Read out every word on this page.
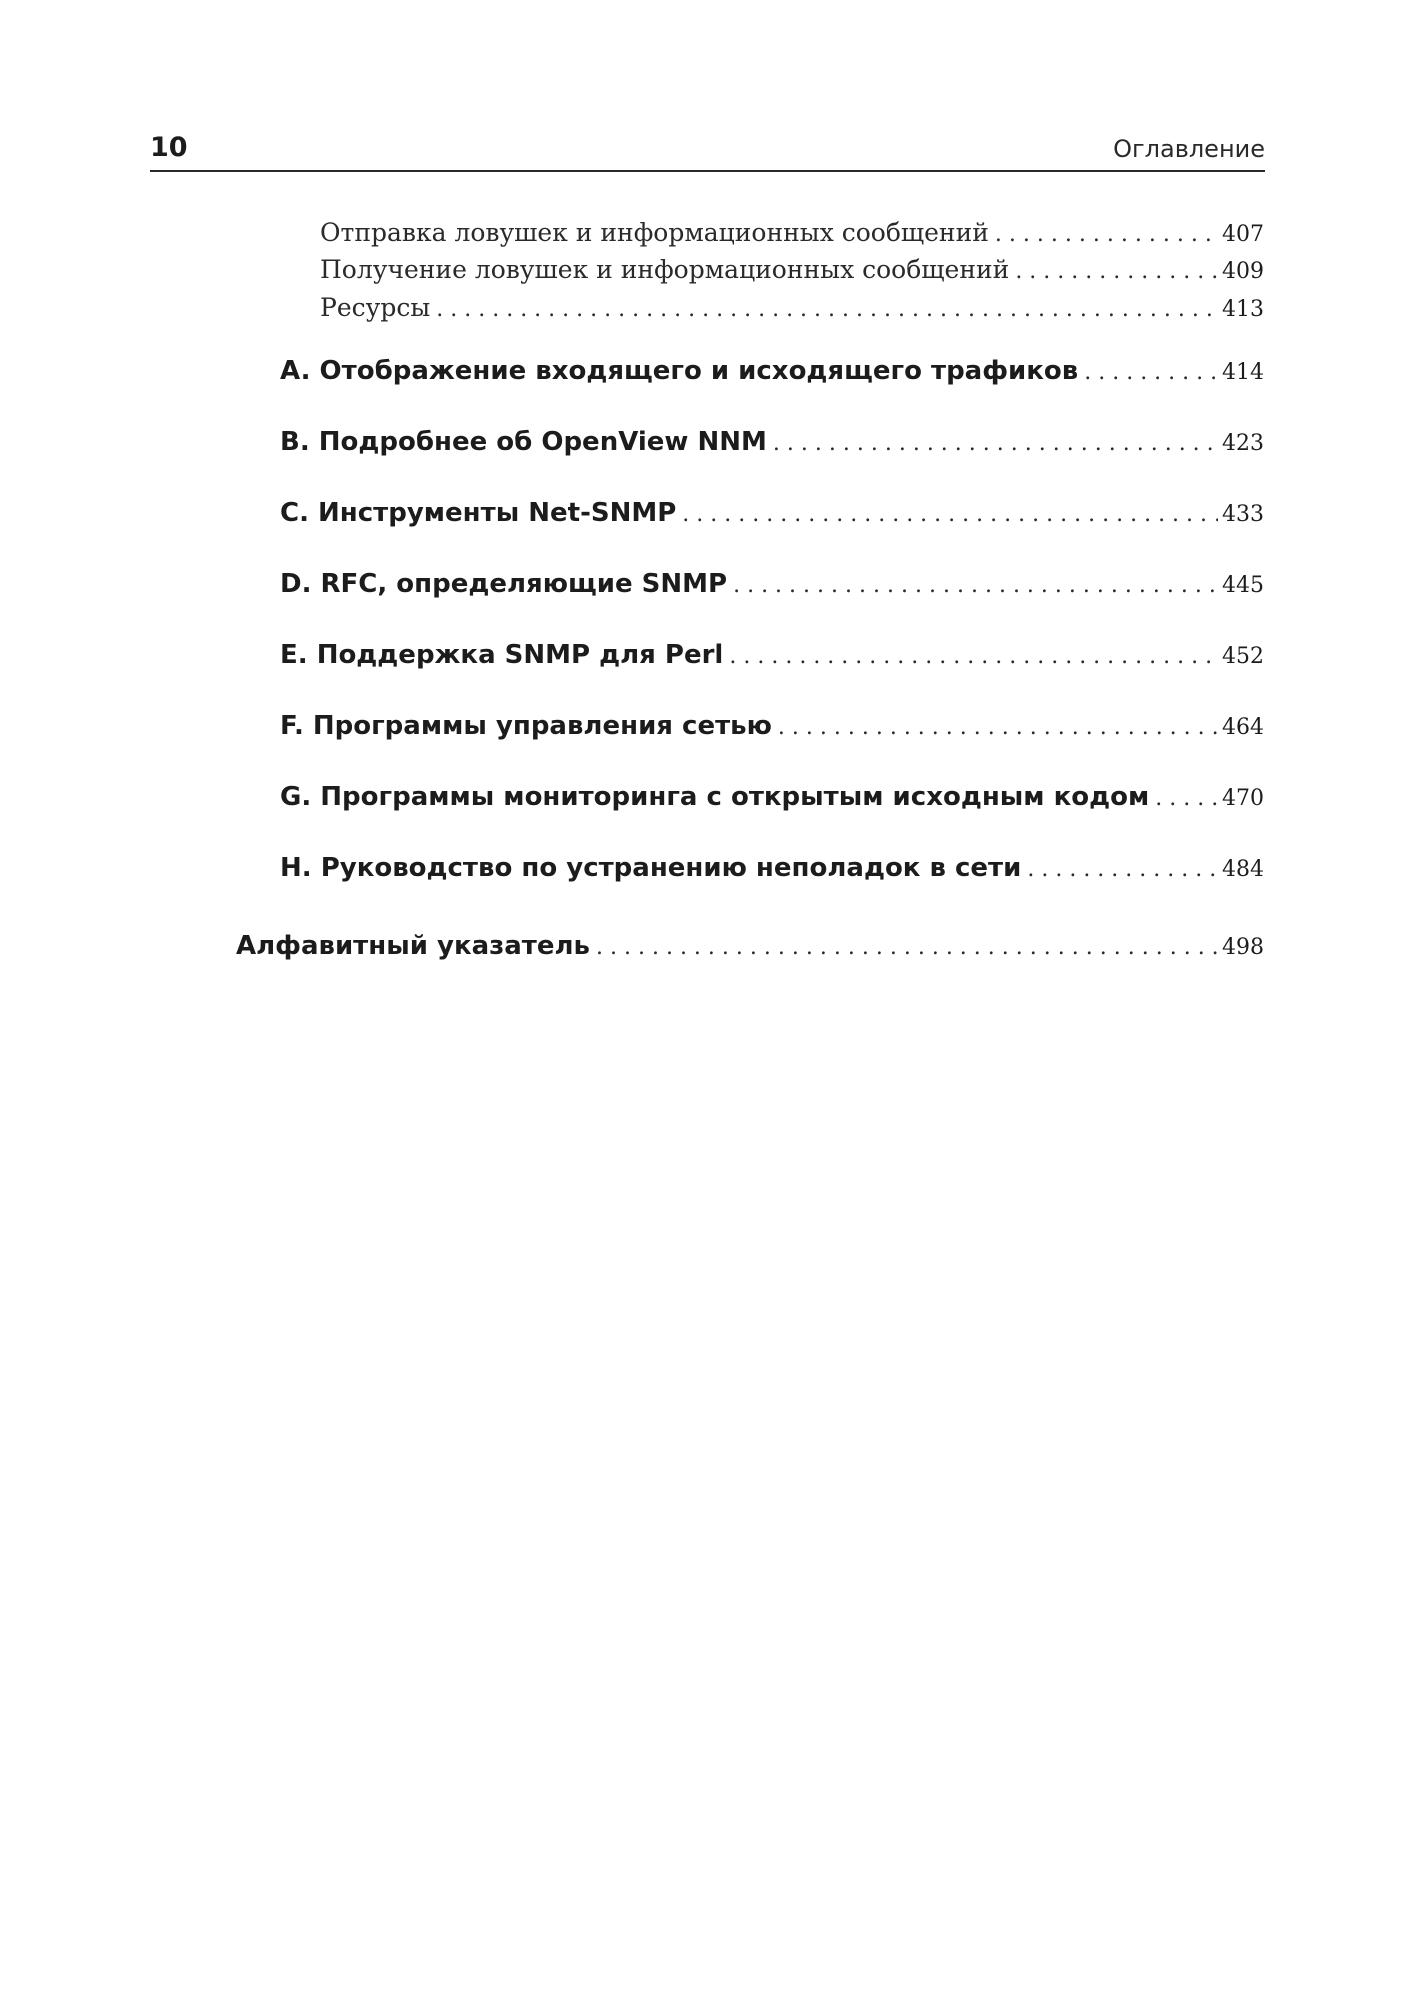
10	Оглавление
Отправка ловушек и информационных сообщений .....	407
Получение ловушек и информационных сообщений .....	409
Ресурсы .....	413
A. Отображение входящего и исходящего трафиков .....	414
B. Подробнее об OpenView NNM .....	423
C. Инструменты Net-SNMP .....	433
D. RFC, определяющие SNMP .....	445
E. Поддержка SNMP для Perl .....	452
F. Программы управления сетью .....	464
G. Программы мониторинга с открытым исходным кодом .....	470
H. Руководство по устранению неполадок в сети .....	484
Алфавитный указатель .....	498
